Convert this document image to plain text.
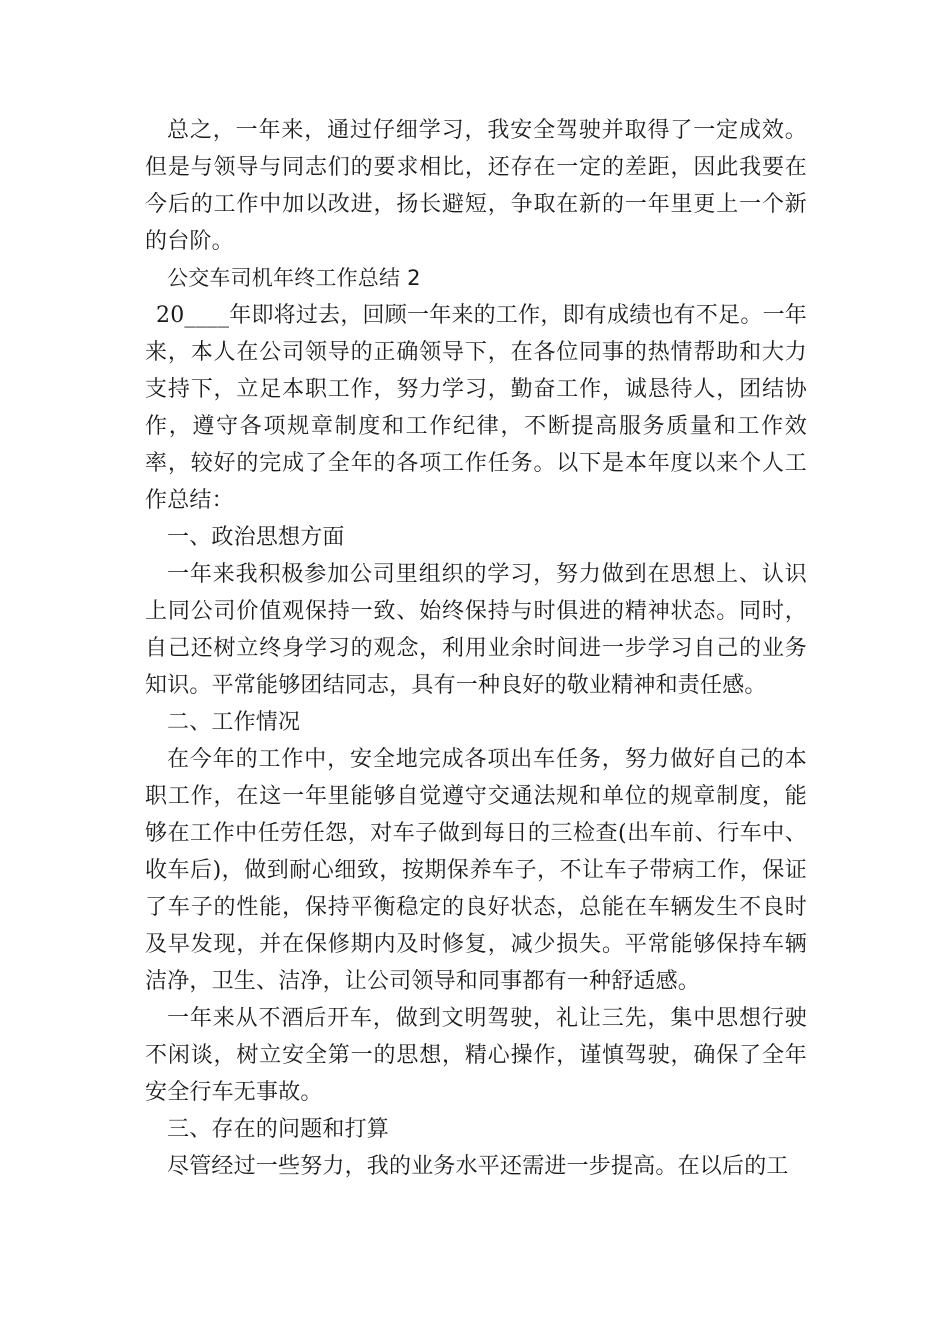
总之，一年来，通过仔细学习，我安全驾驶并取得了一定成效。但是与领导与同志们的要求相比，还存在一定的差距，因此我要在今后的工作中加以改进，扬长避短，争取在新的一年里更上一个新的台阶。

公交车司机年终工作总结 2

20____年即将过去，回顾一年来的工作，即有成绩也有不足。一年来，本人在公司领导的正确领导下，在各位同事的热情帮助和大力支持下，立足本职工作，努力学习，勤奋工作，诚恳待人，团结协作，遵守各项规章制度和工作纪律，不断提高服务质量和工作效率，较好的完成了全年的各项工作任务。以下是本年度以来个人工作总结：

一、政治思想方面

一年来我积极参加公司里组织的学习，努力做到在思想上、认识上同公司价值观保持一致、始终保持与时俱进的精神状态。同时，自己还树立终身学习的观念，利用业余时间进一步学习自己的业务知识。平常能够团结同志，具有一种良好的敬业精神和责任感。

二、工作情况

在今年的工作中，安全地完成各项出车任务，努力做好自己的本职工作，在这一年里能够自觉遵守交通法规和单位的规章制度，能够在工作中任劳任怨，对车子做到每日的三检查(出车前、行车中、收车后)，做到耐心细致，按期保养车子，不让车子带病工作，保证了车子的性能，保持平衡稳定的良好状态，总能在车辆发生不良时及早发现，并在保修期内及时修复，减少损失。平常能够保持车辆洁净，卫生、洁净，让公司领导和同事都有一种舒适感。

一年来从不酒后开车，做到文明驾驶，礼让三先，集中思想行驶不闲谈，树立安全第一的思想，精心操作，谨慎驾驶，确保了全年安全行车无事故。

三、存在的问题和打算

尽管经过一些努力，我的业务水平还需进一步提高。在以后的工
